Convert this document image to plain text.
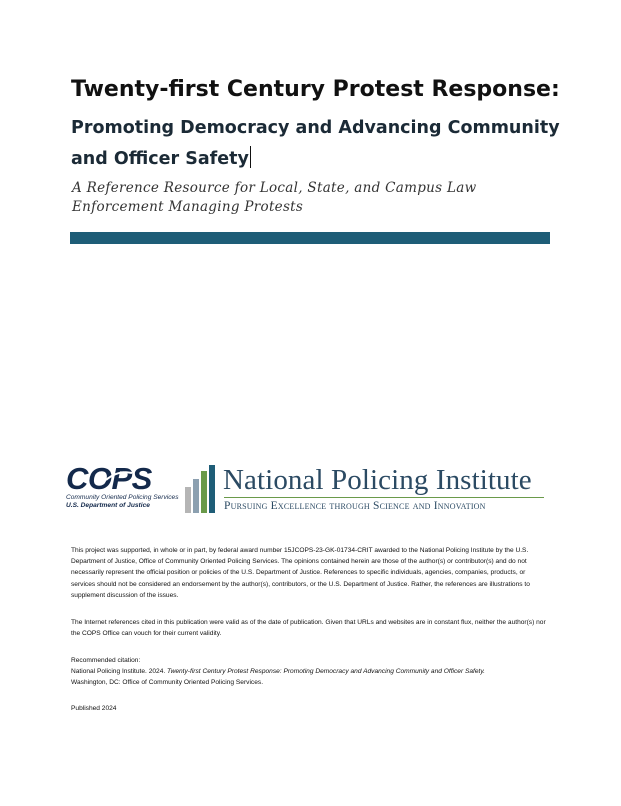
Twenty-first Century Protest Response:
Promoting Democracy and Advancing Community
and Officer Safety

A Reference Resource for Local, State, and Campus Law
Enforcement Managing Protests

COPS
Community Oriented Policing Services
U.S. Department of Justice
National Policing Institute
Pursuing Excellence through Science and Innovation

This project was supported, in whole or in part, by federal award number 15JCOPS-23-GK-01734-CRIT awarded to the National Policing Institute by the U.S. Department of Justice, Office of Community Oriented Policing Services. The opinions contained herein are those of the author(s) or contributor(s) and do not necessarily represent the official position or policies of the U.S. Department of Justice. References to specific individuals, agencies, companies, products, or services should not be considered an endorsement by the author(s), contributors, or the U.S. Department of Justice. Rather, the references are illustrations to supplement discussion of the issues.

The Internet references cited in this publication were valid as of the date of publication. Given that URLs and websites are in constant flux, neither the author(s) nor the COPS Office can vouch for their current validity.

Recommended citation:
National Policing Institute. 2024. Twenty-first Century Protest Response: Promoting Democracy and Advancing Community and Officer Safety.
Washington, DC: Office of Community Oriented Policing Services.

Published 2024
